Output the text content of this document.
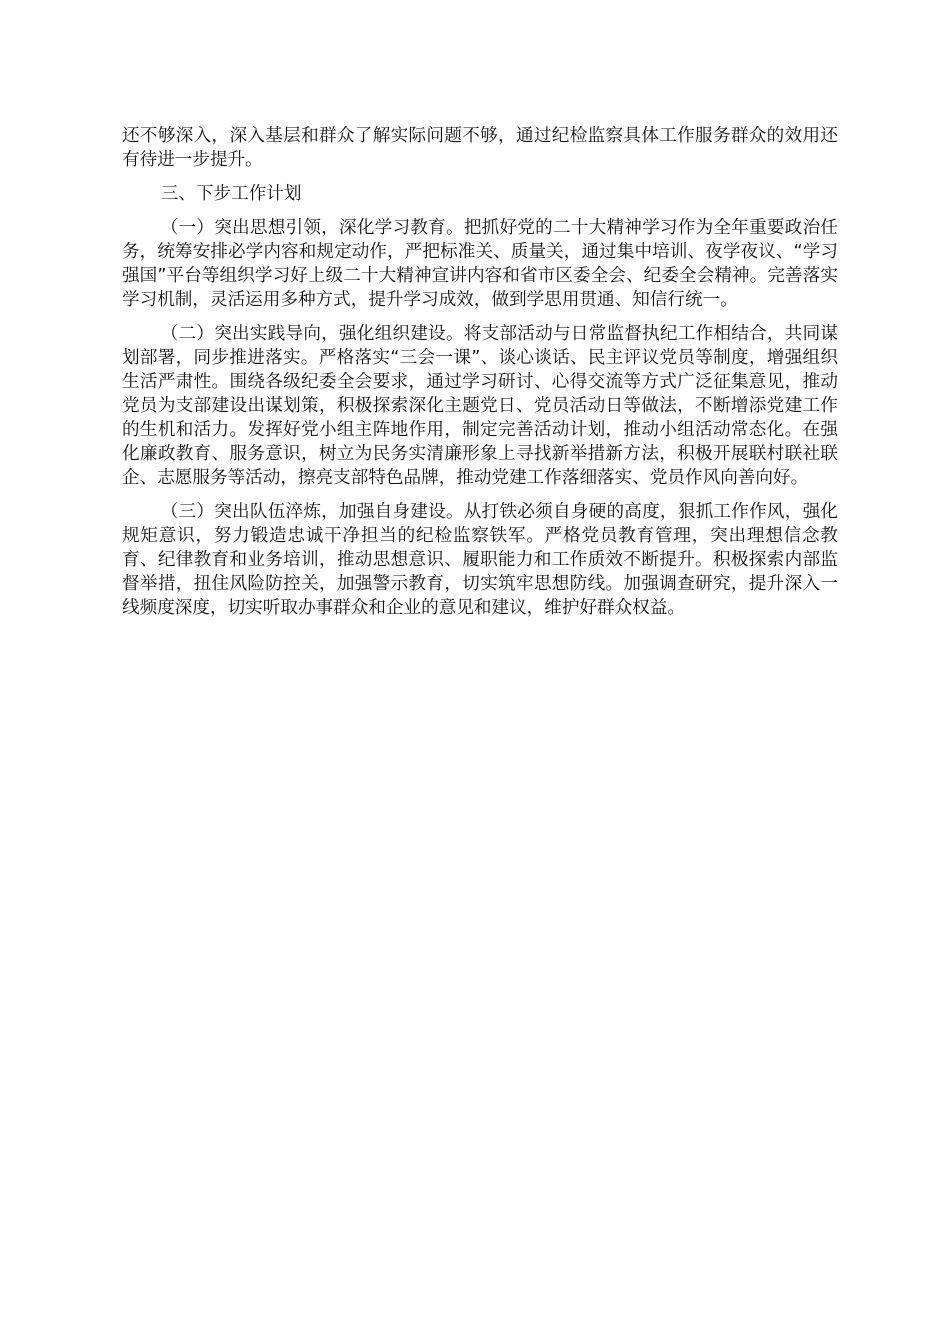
还不够深入，深入基层和群众了解实际问题不够，通过纪检监察具体工作服务群众的效用还有待进一步提升。

三、下步工作计划

（一）突出思想引领，深化学习教育。把抓好党的二十大精神学习作为全年重要政治任务，统筹安排必学内容和规定动作，严把标准关、质量关，通过集中培训、夜学夜议、“学习强国”平台等组织学习好上级二十大精神宣讲内容和省市区委全会、纪委全会精神。完善落实学习机制，灵活运用多种方式，提升学习成效，做到学思用贯通、知信行统一。

（二）突出实践导向，强化组织建设。将支部活动与日常监督执纪工作相结合，共同谋划部署，同步推进落实。严格落实“三会一课”、谈心谈话、民主评议党员等制度，增强组织生活严肃性。围绕各级纪委全会要求，通过学习研讨、心得交流等方式广泛征集意见，推动党员为支部建设出谋划策，积极探索深化主题党日、党员活动日等做法，不断增添党建工作的生机和活力。发挥好党小组主阵地作用，制定完善活动计划，推动小组活动常态化。在强化廉政教育、服务意识，树立为民务实清廉形象上寻找新举措新方法，积极开展联村联社联企、志愿服务等活动，擦亮支部特色品牌，推动党建工作落细落实、党员作风向善向好。

（三）突出队伍淬炼，加强自身建设。从打铁必须自身硬的高度，狠抓工作作风，强化规矩意识，努力锻造忠诚干净担当的纪检监察铁军。严格党员教育管理，突出理想信念教育、纪律教育和业务培训，推动思想意识、履职能力和工作质效不断提升。积极探索内部监督举措，扭住风险防控关，加强警示教育，切实筑牢思想防线。加强调查研究，提升深入一线频度深度，切实听取办事群众和企业的意见和建议，维护好群众权益。
